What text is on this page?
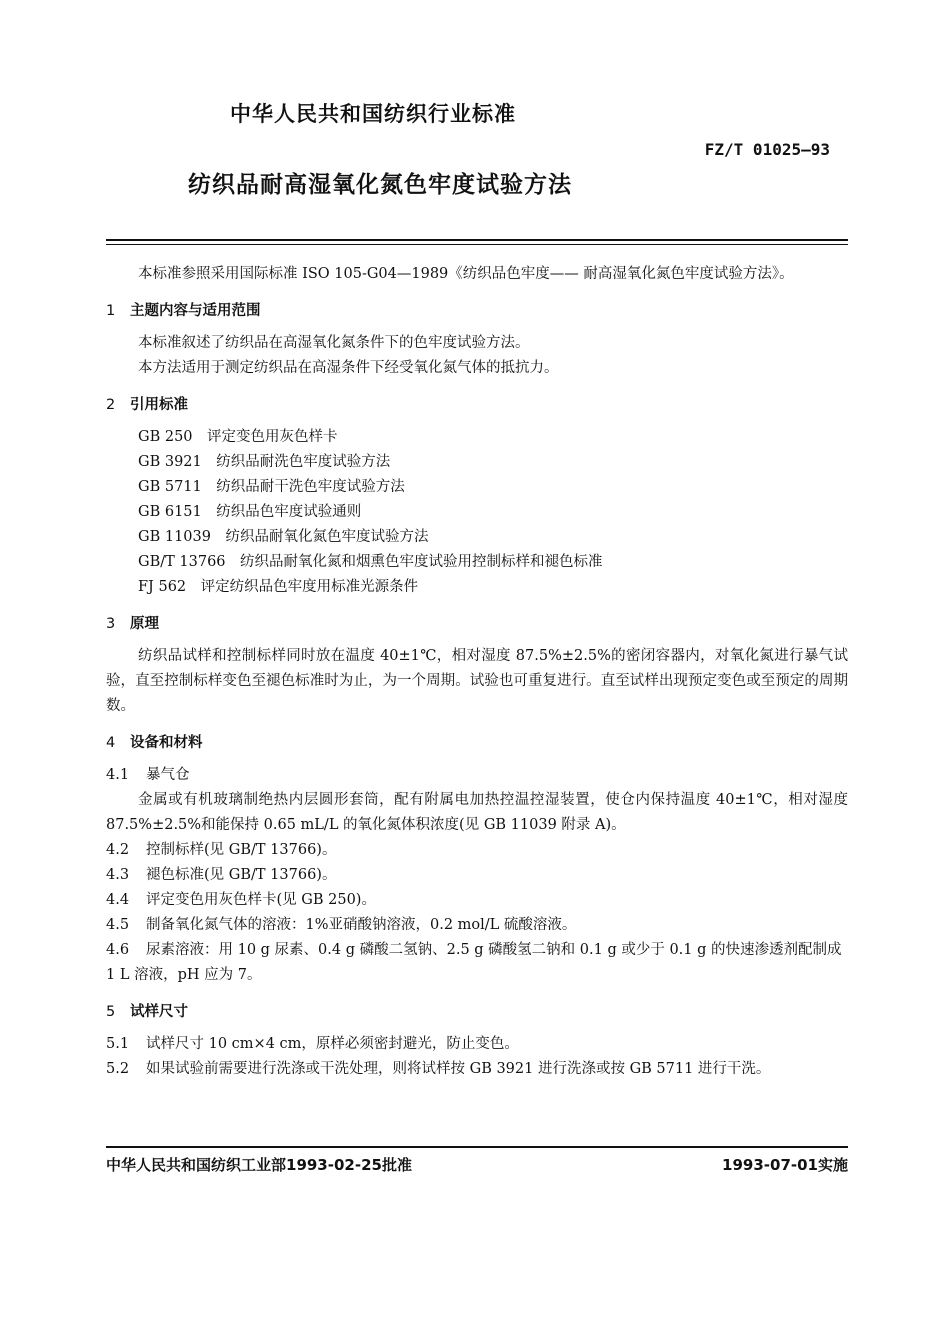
中华人民共和国纺织行业标准
FZ/T 01025—93
纺织品耐高湿氧化氮色牢度试验方法

本标准参照采用国际标准 ISO 105-G04—1989《纺织品色牢度—— 耐高湿氧化氮色牢度试验方法》。

1 主题内容与适用范围

本标准叙述了纺织品在高湿氧化氮条件下的色牢度试验方法。

本方法适用于测定纺织品在高湿条件下经受氧化氮气体的抵抗力。

2 引用标准

GB 250　评定变色用灰色样卡

GB 3921　纺织品耐洗色牢度试验方法

GB 5711　纺织品耐干洗色牢度试验方法

GB 6151　纺织品色牢度试验通则

GB 11039　纺织品耐氧化氮色牢度试验方法

GB/T 13766　纺织品耐氧化氮和烟熏色牢度试验用控制标样和褪色标准

FJ 562　评定纺织品色牢度用标准光源条件

3 原理

纺织品试样和控制标样同时放在温度 40±1℃，相对湿度 87.5%±2.5%的密闭容器内，对氧化氮进行暴气试验，直至控制标样变色至褪色标准时为止，为一个周期。试验也可重复进行。直至试样出现预定变色或至预定的周期数。

4 设备和材料

4.1 暴气仓

金属或有机玻璃制绝热内层圆形套筒，配有附属电加热控温控湿装置，使仓内保持温度 40±1℃，相对湿度 87.5%±2.5%和能保持 0.65 mL/L 的氧化氮体积浓度(见 GB 11039 附录 A)。

4.2 控制标样(见 GB/T 13766)。

4.3 褪色标准(见 GB/T 13766)。

4.4 评定变色用灰色样卡(见 GB 250)。

4.5 制备氧化氮气体的溶液：1%亚硝酸钠溶液，0.2 mol/L 硫酸溶液。

4.6 尿素溶液：用 10 g 尿素、0.4 g 磷酸二氢钠、2.5 g 磷酸氢二钠和 0.1 g 或少于 0.1 g 的快速渗透剂配制成 1 L 溶液，pH 应为 7。

5 试样尺寸

5.1 试样尺寸 10 cm×4 cm，原样必须密封避光，防止变色。

5.2 如果试验前需要进行洗涤或干洗处理，则将试样按 GB 3921 进行洗涤或按 GB 5711 进行干洗。

中华人民共和国纺织工业部1993-02-25批准	1993-07-01实施
